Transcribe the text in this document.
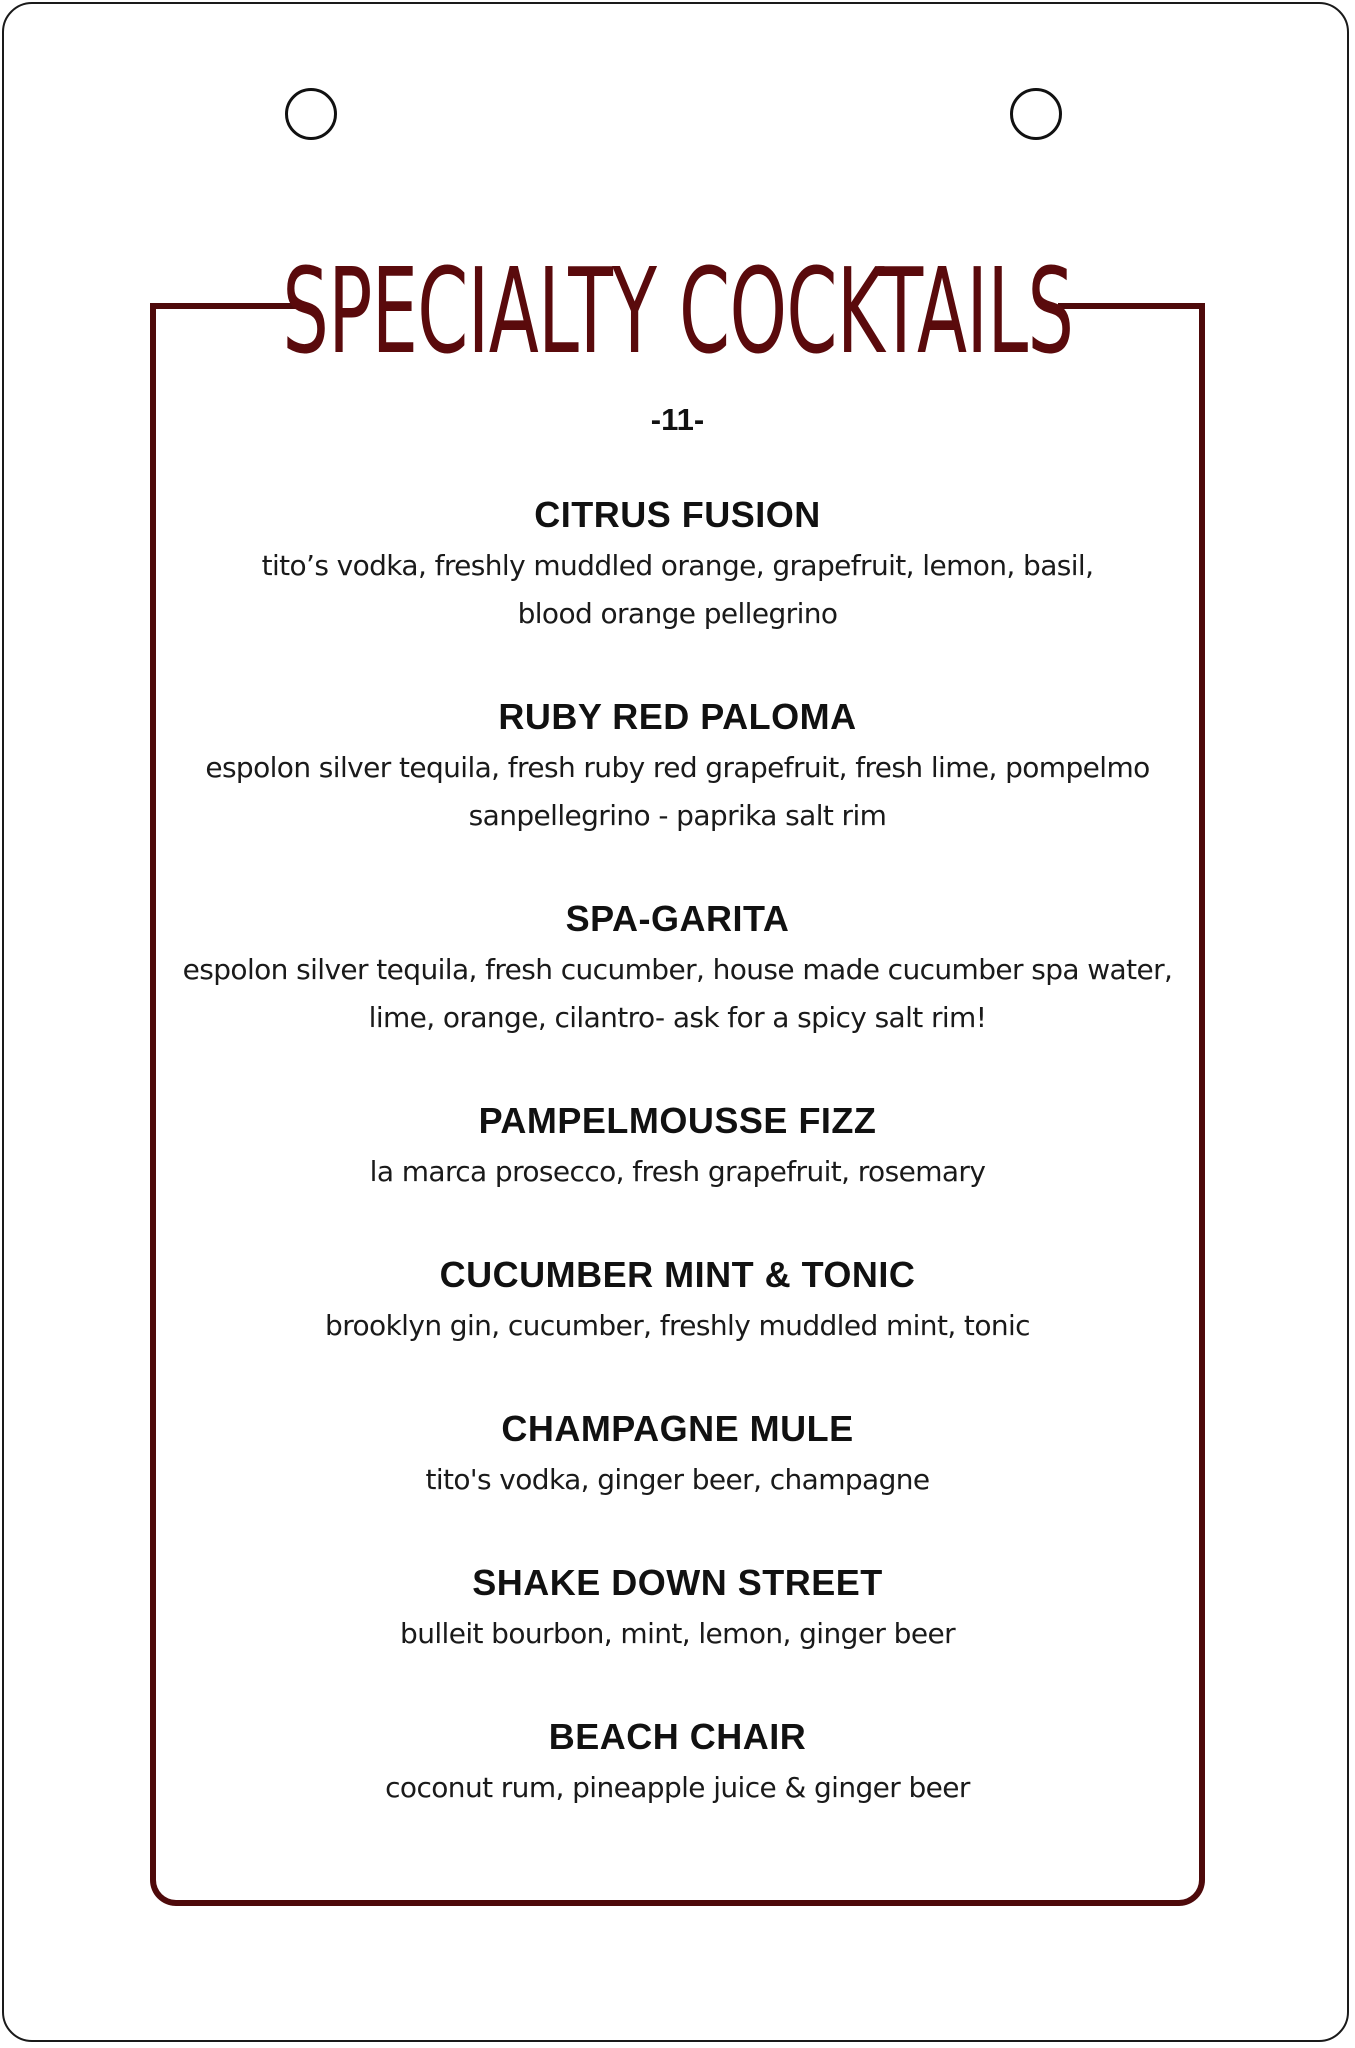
SPECIALTY COCKTAILS
-11-
CITRUS FUSION
tito’s vodka, freshly muddled orange, grapefruit, lemon, basil,
blood orange pellegrino
RUBY RED PALOMA
espolon silver tequila, fresh ruby red grapefruit, fresh lime, pompelmo
sanpellegrino - paprika salt rim
SPA-GARITA
espolon silver tequila, fresh cucumber, house made cucumber spa water,
lime, orange, cilantro- ask for a spicy salt rim!
PAMPELMOUSSE FIZZ
la marca prosecco, fresh grapefruit, rosemary
CUCUMBER MINT & TONIC
brooklyn gin, cucumber, freshly muddled mint, tonic
CHAMPAGNE MULE
tito's vodka, ginger beer, champagne
SHAKE DOWN STREET
bulleit bourbon, mint, lemon, ginger beer
BEACH CHAIR
coconut rum, pineapple juice & ginger beer
